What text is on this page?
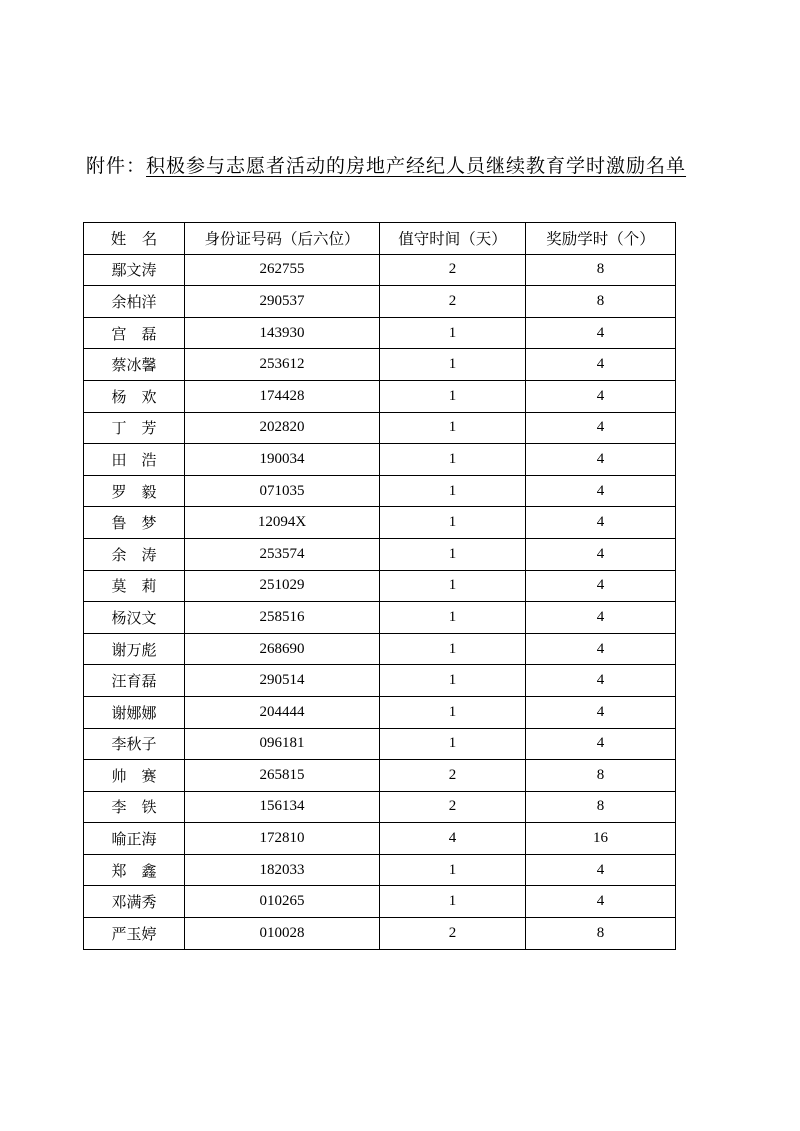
附件：积极参与志愿者活动的房地产经纪人员继续教育学时激励名单
姓　名	身份证号码（后六位）	值守时间（天）	奖励学时（个）
鄢文涛	262755	2	8
余柏洋	290537	2	8
宫　磊	143930	1	4
蔡冰馨	253612	1	4
杨　欢	174428	1	4
丁　芳	202820	1	4
田　浩	190034	1	4
罗　毅	071035	1	4
鲁　梦	12094X	1	4
余　涛	253574	1	4
莫　莉	251029	1	4
杨汉文	258516	1	4
谢万彪	268690	1	4
汪育磊	290514	1	4
谢娜娜	204444	1	4
李秋子	096181	1	4
帅　赛	265815	2	8
李　铁	156134	2	8
喻正海	172810	4	16
郑　鑫	182033	1	4
邓满秀	010265	1	4
严玉婷	010028	2	8
